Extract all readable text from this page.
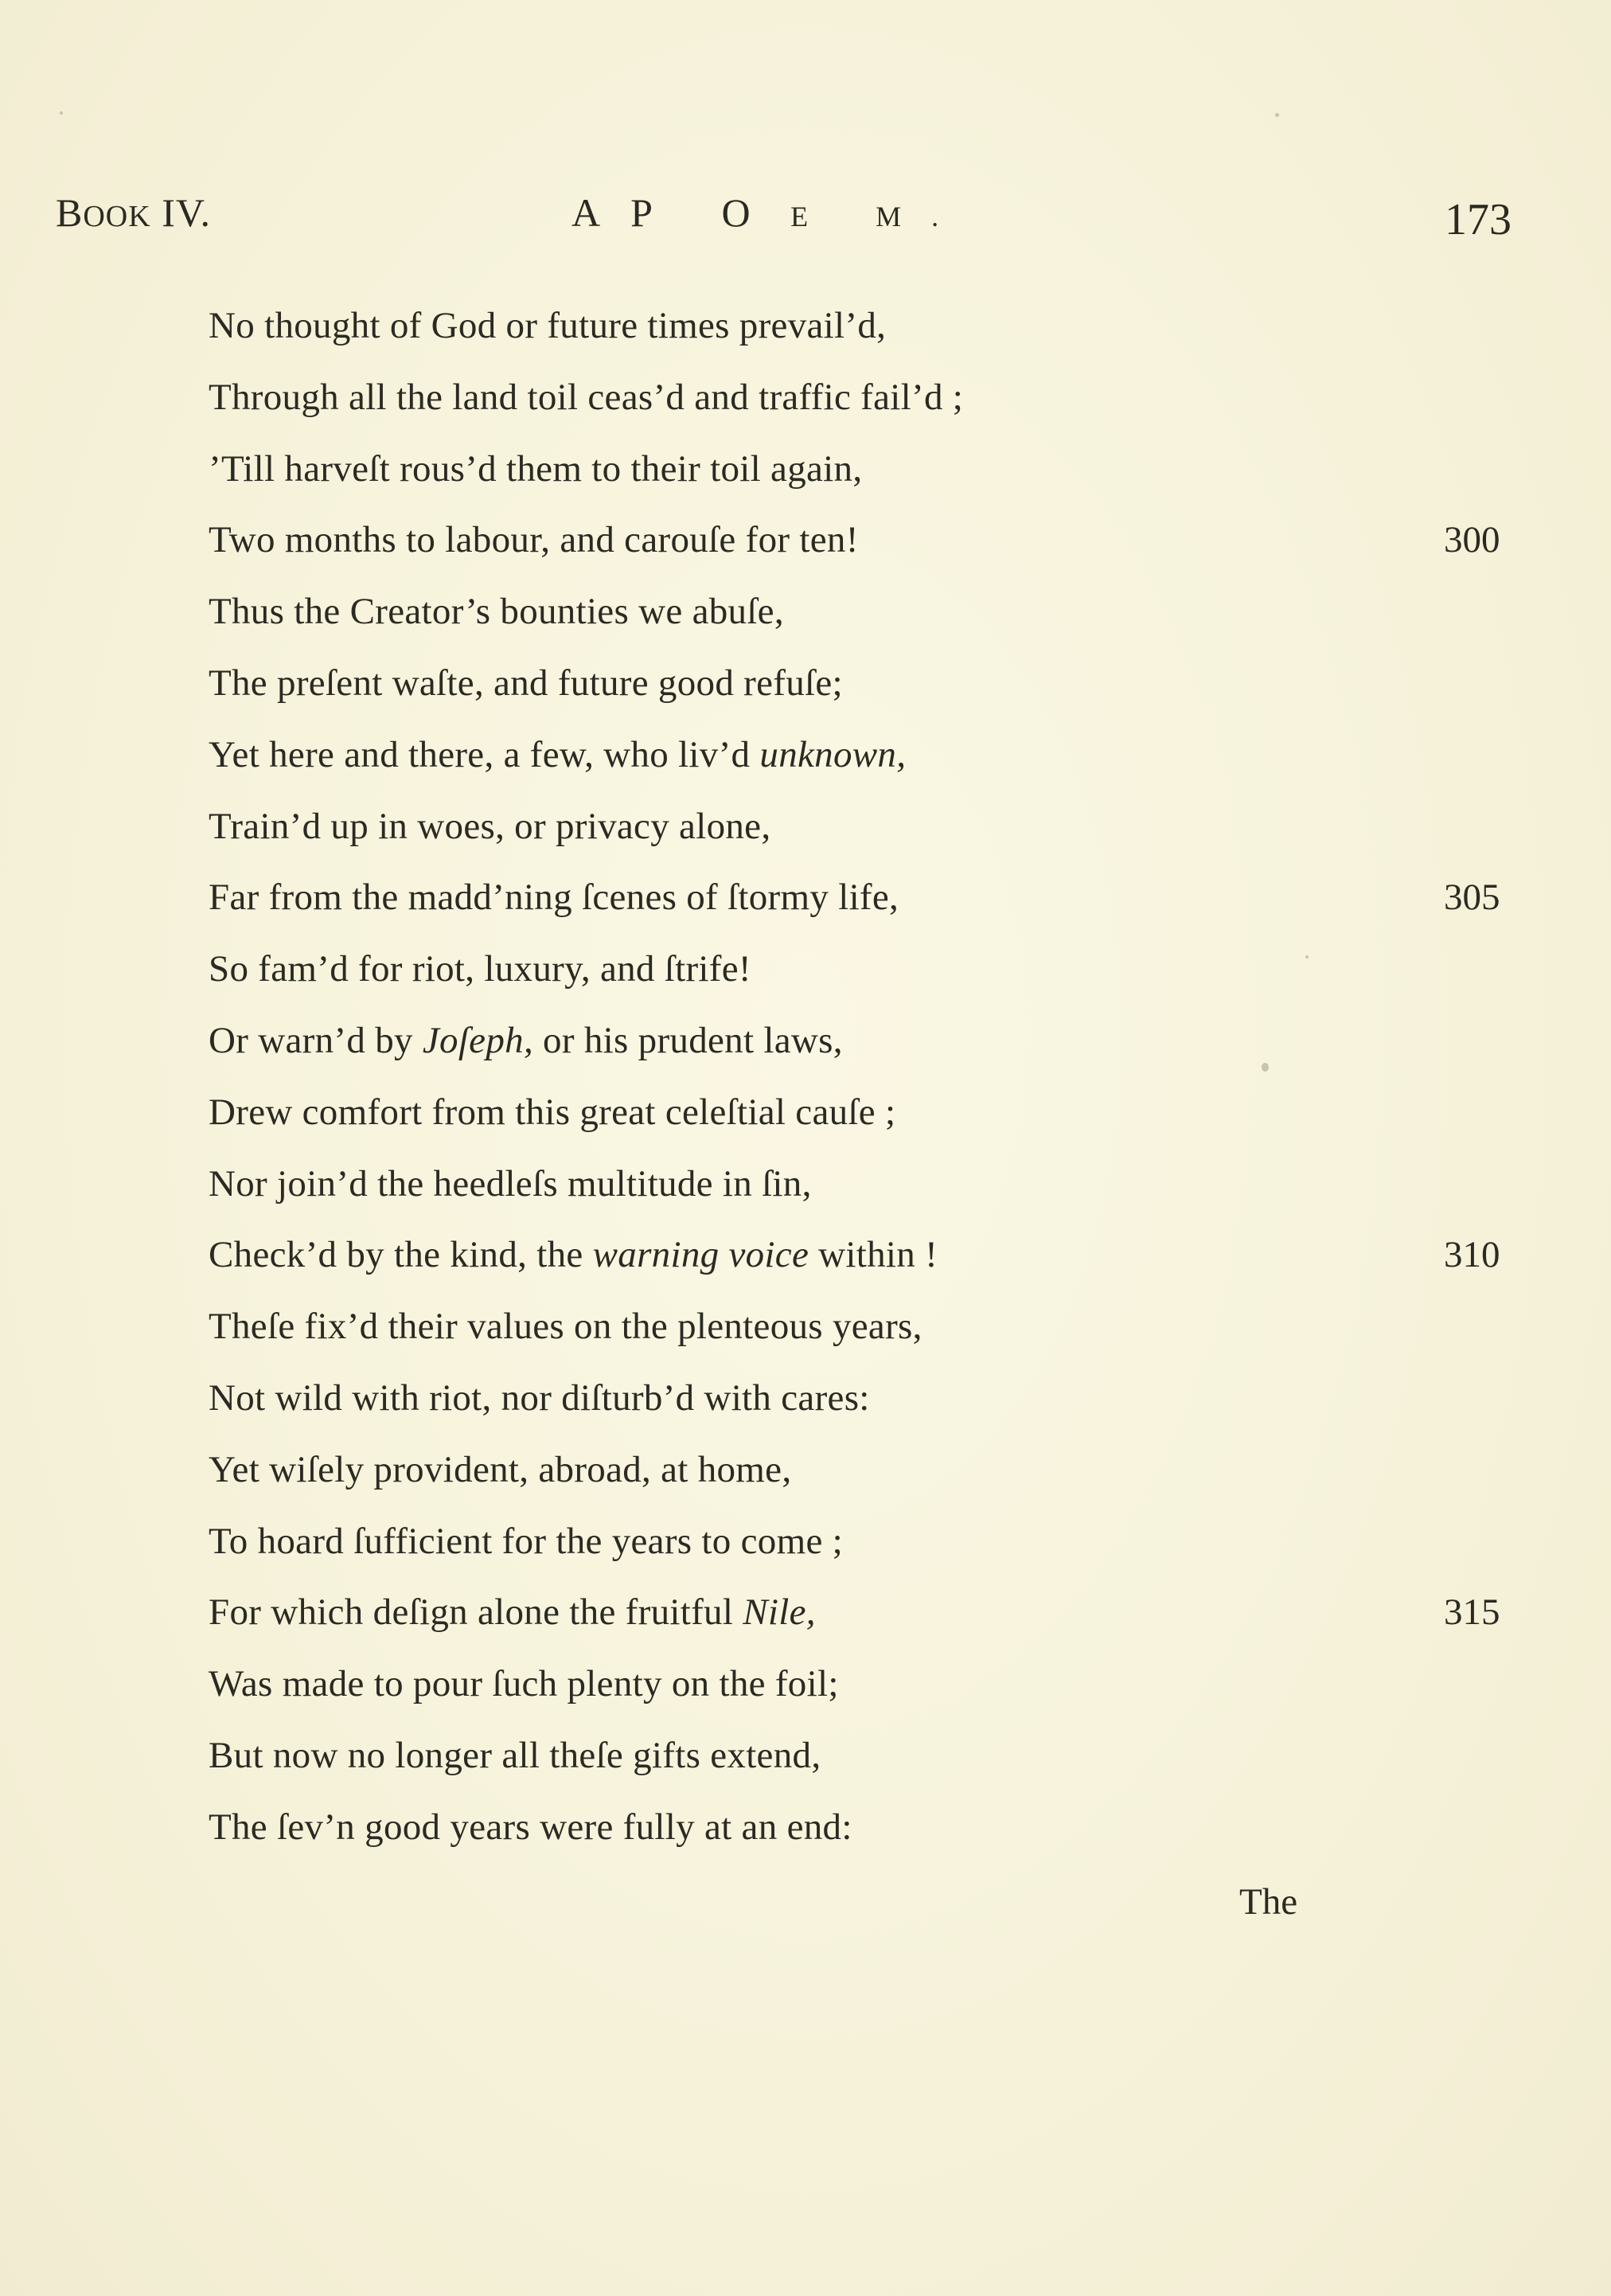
BOOK IV.	AP O E M.	173
No thought of God or future times prevail’d,
Through all the land toil ceas’d and traffic fail’d ;
’Till harveſt rous’d them to their toil again,
300
Two months to labour, and carouſe for ten!
Thus the Creator’s bounties we abuſe,
The preſent waſte, and future good refuſe;
Yet here and there, a few, who liv’d unknown,
Train’d up in woes, or privacy alone,
305
Far from the madd’ning ſcenes of ſtormy life,
So fam’d for riot, luxury, and ſtrife!
Or warn’d by Joſeph, or his prudent laws,
Drew comfort from this great celeſtial cauſe ;
Nor join’d the heedleſs multitude in ſin,
310
Check’d by the kind, the warning voice within !
Theſe fix’d their values on the plenteous years,
Not wild with riot, nor diſturb’d with cares:
Yet wiſely provident, abroad, at home,
To hoard ſufficient for the years to come ;
315
For which deſign alone the fruitful Nile,
Was made to pour ſuch plenty on the foil;
But now no longer all theſe gifts extend,
The ſev’n good years were fully at an end:
The
